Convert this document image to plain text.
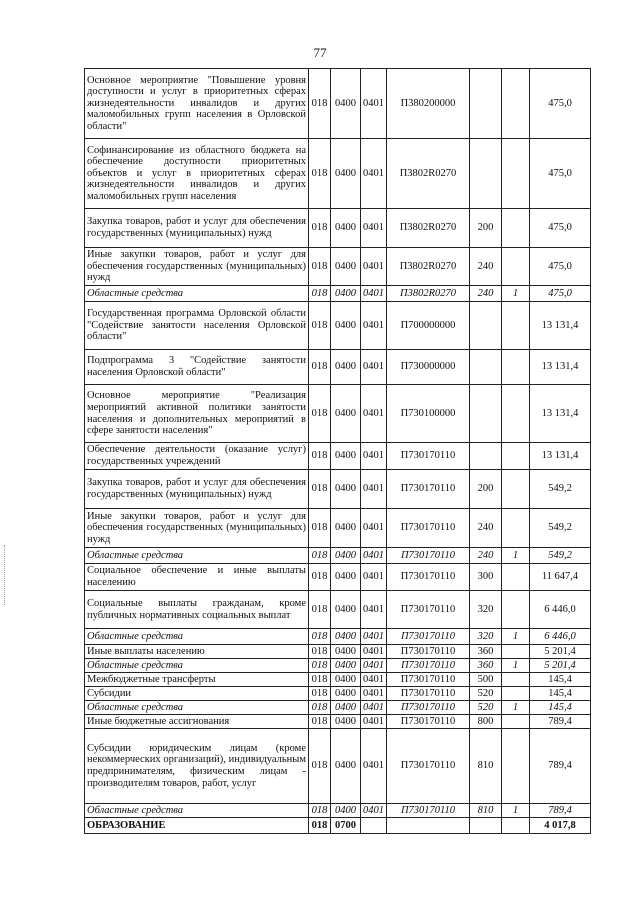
77
Основное мероприятие "Повышение уровня доступности и услуг в приоритетных сферах жизнедеятельности инвалидов и других маломобильных групп населения в Орловской области"	018	0400	0401	П380200000			475,0
Софинансирование из областного бюджета на обеспечение доступности приоритетных объектов и услуг в приоритетных сферах жизнедеятельности инвалидов и других маломобильных групп населения	018	0400	0401	П3802R0270			475,0
Закупка товаров, работ и услуг для обеспечения государственных (муниципальных) нужд	018	0400	0401	П3802R0270	200		475,0
Иные закупки товаров, работ и услуг для обеспечения государственных (муниципальных) нужд	018	0400	0401	П3802R0270	240		475,0
Областные средства	018	0400	0401	П3802R0270	240	1	475,0
Государственная программа Орловской области "Содействие занятости населения Орловской области"	018	0400	0401	П700000000			13 131,4
Подпрограмма 3 "Содействие занятости населения Орловской области"	018	0400	0401	П730000000			13 131,4
Основное мероприятие "Реализация мероприятий активной политики занятости населения и дополнительных мероприятий в сфере занятости населения"	018	0400	0401	П730100000			13 131,4
Обеспечение деятельности (оказание услуг) государственных учреждений	018	0400	0401	П730170110			13 131,4
Закупка товаров, работ и услуг для обеспечения государственных (муниципальных) нужд	018	0400	0401	П730170110	200		549,2
Иные закупки товаров, работ и услуг для обеспечения государственных (муниципальных) нужд	018	0400	0401	П730170110	240		549,2
Областные средства	018	0400	0401	П730170110	240	1	549,2
Социальное обеспечение и иные выплаты населению	018	0400	0401	П730170110	300		11 647,4
Социальные выплаты гражданам, кроме публичных нормативных социальных выплат	018	0400	0401	П730170110	320		6 446,0
Областные средства	018	0400	0401	П730170110	320	1	6 446,0
Иные выплаты населению	018	0400	0401	П730170110	360		5 201,4
Областные средства	018	0400	0401	П730170110	360	1	5 201,4
Межбюджетные трансферты	018	0400	0401	П730170110	500		145,4
Субсидии	018	0400	0401	П730170110	520		145,4
Областные средства	018	0400	0401	П730170110	520	1	145,4
Иные бюджетные ассигнования	018	0400	0401	П730170110	800		789,4
Субсидии юридическим лицам (кроме некоммерческих организаций), индивидуальным предпринимателям, физическим лицам - производителям товаров, работ, услуг	018	0400	0401	П730170110	810		789,4
Областные средства	018	0400	0401	П730170110	810	1	789,4
ОБРАЗОВАНИЕ	018	0700					4 017,8
